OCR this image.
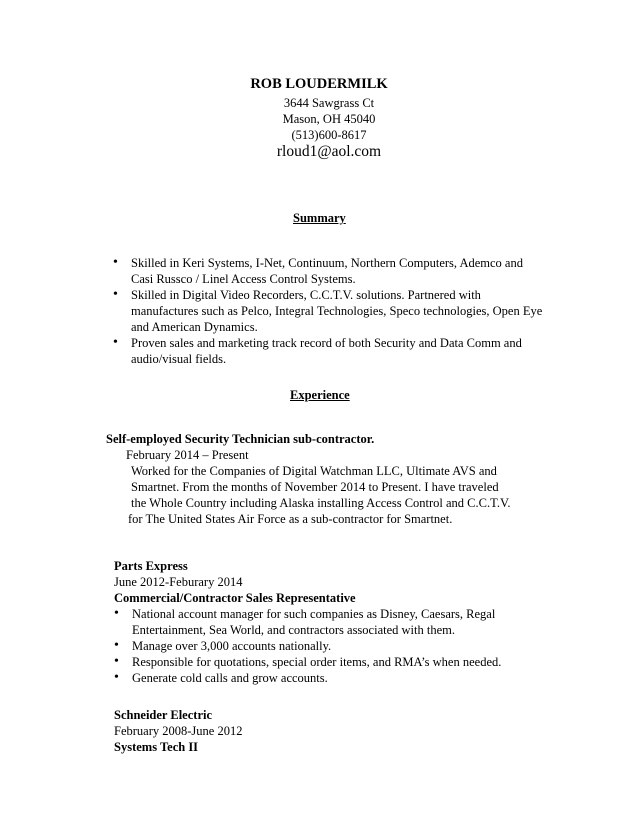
ROB LOUDERMILK
3644 Sawgrass Ct
Mason, OH 45040
(513)600-8617
rloud1@aol.com
Summary
• Skilled in Keri Systems, I-Net, Continuum, Northern Computers, Ademco and
Casi Russco / Linel Access Control Systems.
• Skilled in Digital Video Recorders, C.C.T.V. solutions. Partnered with
manufactures such as Pelco, Integral Technologies, Speco technologies, Open Eye
and American Dynamics.
• Proven sales and marketing track record of both Security and Data Comm and
audio/visual fields.
Experience
Self-employed Security Technician sub-contractor.
February 2014 – Present
Worked for the Companies of Digital Watchman LLC, Ultimate AVS and
Smartnet. From the months of November 2014 to Present. I have traveled
the Whole Country including Alaska installing Access Control and C.C.T.V.
for The United States Air Force as a sub-contractor for Smartnet.
Parts Express
June 2012-Feburary 2014
Commercial/Contractor Sales Representative
• National account manager for such companies as Disney, Caesars, Regal
Entertainment, Sea World, and contractors associated with them.
• Manage over 3,000 accounts nationally.
• Responsible for quotations, special order items, and RMA’s when needed.
• Generate cold calls and grow accounts.
Schneider Electric
February 2008-June 2012
Systems Tech II
